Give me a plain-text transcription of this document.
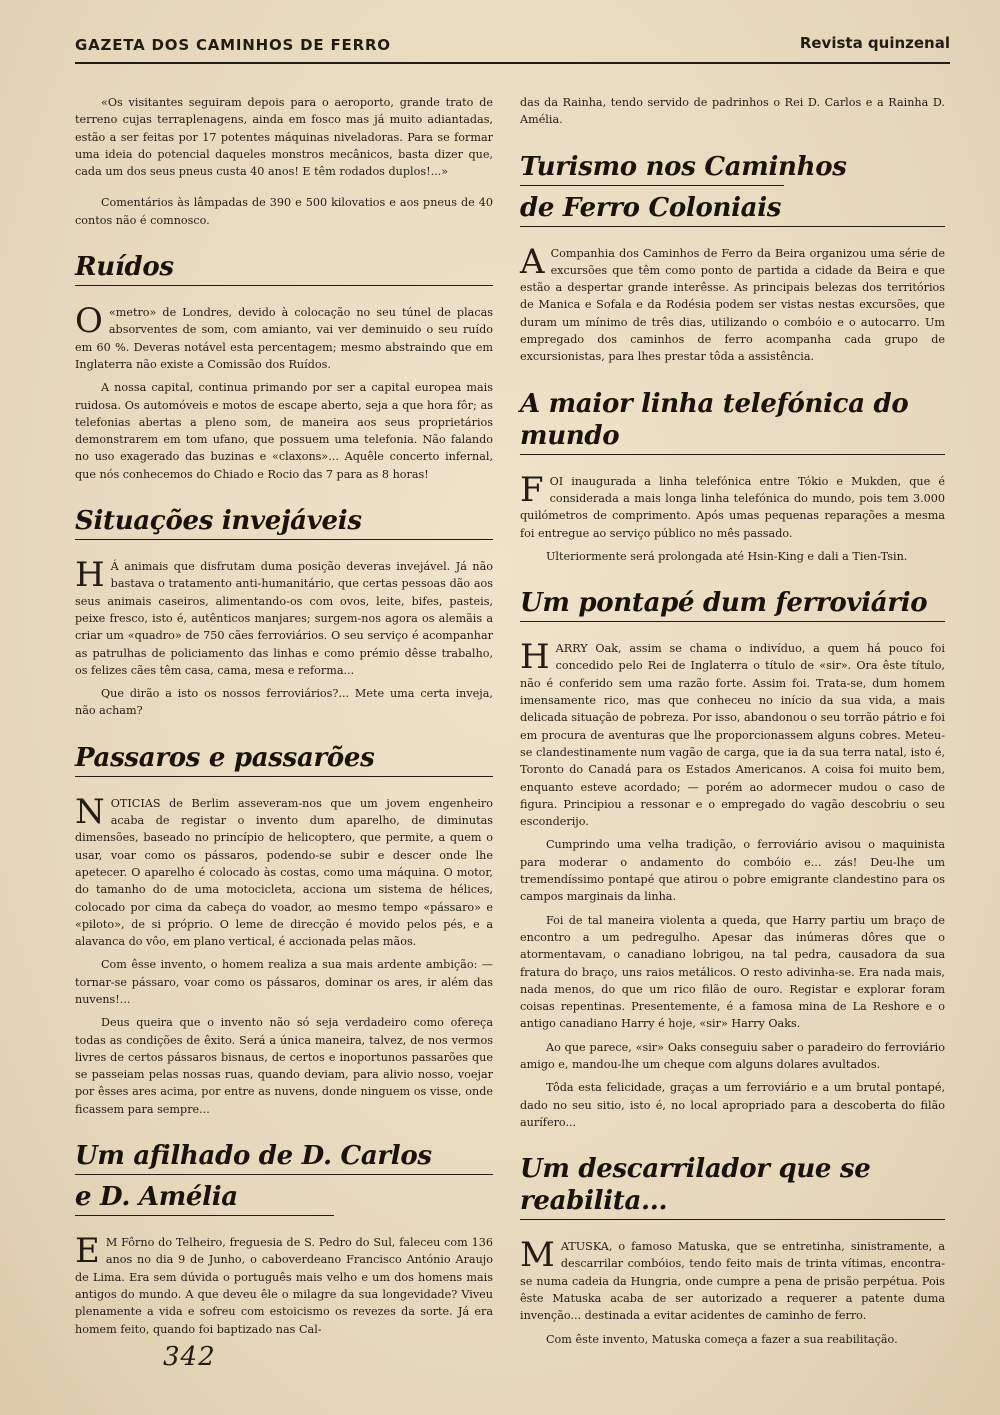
GAZETA DOS CAMINHOS DE FERRO	Revista quinzenal

«Os visitantes seguiram depois para o aeroporto, grande trato de terreno cujas terraplenagens, ainda em fosco mas já muito adiantadas, estão a ser feitas por 17 potentes máquinas niveladoras. Para se formar uma ideia do potencial daqueles monstros mecânicos, basta dizer que, cada um dos seus pneus custa 40 anos! E têm rodados duplos!...»

Comentários às lâmpadas de 390 e 500 kilovatios e aos pneus de 40 contos não é comnosco.

Ruídos

O «metro» de Londres, devido à colocação no seu túnel de placas absorventes de som, com amianto, vai ver deminuido o seu ruído em 60 %. Deveras notável esta percentagem; mesmo abstraindo que em Inglaterra não existe a Comissão dos Ruídos.

A nossa capital, continua primando por ser a capital europea mais ruidosa. Os automóveis e motos de escape aberto, seja a que hora fôr; as telefonias abertas a pleno som, de maneira aos seus proprietários demonstrarem em tom ufano, que possuem uma telefonia. Não falando no uso exagerado das buzinas e «claxons»... Aquêle concerto infernal, que nós conhecemos do Chiado e Rocio das 7 para as 8 horas!

Situações invejáveis

H Á animais que disfrutam duma posição deveras invejável. Já não bastava o tratamento anti-humanitário, que certas pessoas dão aos seus animais caseiros, alimentando-os com ovos, leite, bifes, pasteis, peixe fresco, isto é, autênticos manjares; surgem-nos agora os alemãis a criar um «quadro» de 750 cães ferroviários. O seu serviço é acompanhar as patrulhas de policiamento das linhas e como prémio dêsse trabalho, os felizes cães têm casa, cama, mesa e reforma...

Que dirão a isto os nossos ferroviários?... Mete uma certa inveja, não acham?

Passaros e passarões

NOTICIAS de Berlim asseveram-nos que um jovem engenheiro acaba de registar o invento dum aparelho, de diminutas dimensões, baseado no princípio de helicoptero, que permite, a quem o usar, voar como os pássaros, podendo-se subir e descer onde lhe apetecer. O aparelho é colocado às costas, como uma máquina. O motor, do tamanho do de uma motocicleta, acciona um sistema de hélices, colocado por cima da cabeça do voador, ao mesmo tempo «pássaro» e «piloto», de si próprio. O leme de direcção é movido pelos pés, e a alavanca do vôo, em plano vertical, é accionada pelas mãos.

Com êsse invento, o homem realiza a sua mais ardente ambição: — tornar-se pássaro, voar como os pássaros, dominar os ares, ir além das nuvens!...

Deus queira que o invento não só seja verdadeiro como ofereça todas as condições de êxito. Será a única maneira, talvez, de nos vermos livres de certos pássaros bisnaus, de certos e inoportunos passarões que se passeiam pelas nossas ruas, quando deviam, para alivio nosso, voejar por êsses ares acima, por entre as nuvens, donde ninguem os visse, onde ficassem para sempre...

Um afilhado de D. Carlos
e D. Amélia

E M Fôrno do Telheiro, freguesia de S. Pedro do Sul, faleceu com 136 anos no dia 9 de Junho, o caboverdeano Francisco António Araujo de Lima. Era sem dúvida o português mais velho e um dos homens mais antigos do mundo. A que deveu êle o milagre da sua longevidade? Viveu plenamente a vida e sofreu com estoicismo os revezes da sorte. Já era homem feito, quando foi baptizado nas Cal-

das da Rainha, tendo servido de padrinhos o Rei D. Carlos e a Rainha D. Amélia.

Turismo nos Caminhos
de Ferro Coloniais

A Companhia dos Caminhos de Ferro da Beira organizou uma série de excursões que têm como ponto de partida a cidade da Beira e que estão a despertar grande interêsse. As principais belezas dos territórios de Manica e Sofala e da Rodésia podem ser vistas nestas excursões, que duram um mínimo de três dias, utilizando o combóio e o autocarro. Um empregado dos caminhos de ferro acompanha cada grupo de excursionistas, para lhes prestar tôda a assistência.

A maior linha telefónica do mundo

FOI inaugurada a linha telefónica entre Tókio e Mukden, que é considerada a mais longa linha telefónica do mundo, pois tem 3.000 quilómetros de comprimento. Após umas pequenas reparações a mesma foi entregue ao serviço público no mês passado.

Ulteriormente será prolongada até Hsin-King e dali a Tien-Tsin.

Um pontapé dum ferroviário

HARRY Oak, assim se chama o indivíduo, a quem há pouco foi concedido pelo Rei de Inglaterra o título de «sir». Ora êste título, não é conferido sem uma razão forte. Assim foi. Trata-se, dum homem imensamente rico, mas que conheceu no início da sua vida, a mais delicada situação de pobreza. Por isso, abandonou o seu torrão pátrio e foi em procura de aventuras que lhe proporcionassem alguns cobres. Meteu-se clandestinamente num vagão de carga, que ia da sua terra natal, isto é, Toronto do Canadá para os Estados Americanos. A coisa foi muito bem, enquanto esteve acordado; — porém ao adormecer mudou o caso de figura. Principiou a ressonar e o empregado do vagão descobriu o seu esconderijo.

Cumprindo uma velha tradição, o ferroviário avisou o maquinista para moderar o andamento do combóio e... zás! Deu-lhe um tremendíssimo pontapé que atirou o pobre emigrante clandestino para os campos marginais da linha.

Foi de tal maneira violenta a queda, que Harry partiu um braço de encontro a um pedregulho. Apesar das inúmeras dôres que o atormentavam, o canadiano lobrigou, na tal pedra, causadora da sua fratura do braço, uns raios metálicos. O resto adivinha-se. Era nada mais, nada menos, do que um rico filão de ouro. Registar e explorar foram coisas repentinas. Presentemente, é a famosa mina de La Reshore e o antigo canadiano Harry é hoje, «sir» Harry Oaks.

Ao que parece, «sir» Oaks conseguiu saber o paradeiro do ferroviário amigo e, mandou-lhe um cheque com alguns dolares avultados.

Tôda esta felicidade, graças a um ferroviário e a um brutal pontapé, dado no seu sitio, isto é, no local apropriado para a descoberta do filão aurífero...

Um descarrilador que se reabilita...

MATUSKA, o famoso Matuska, que se entretinha, sinistramente, a descarrilar combóios, tendo feito mais de trinta vítimas, encontra-se numa cadeia da Hungria, onde cumpre a pena de prisão perpétua. Pois êste Matuska acaba de ser autorizado a requerer a patente duma invenção... destinada a evitar acidentes de caminho de ferro.

Com êste invento, Matuska começa a fazer a sua reabilitação.

342
